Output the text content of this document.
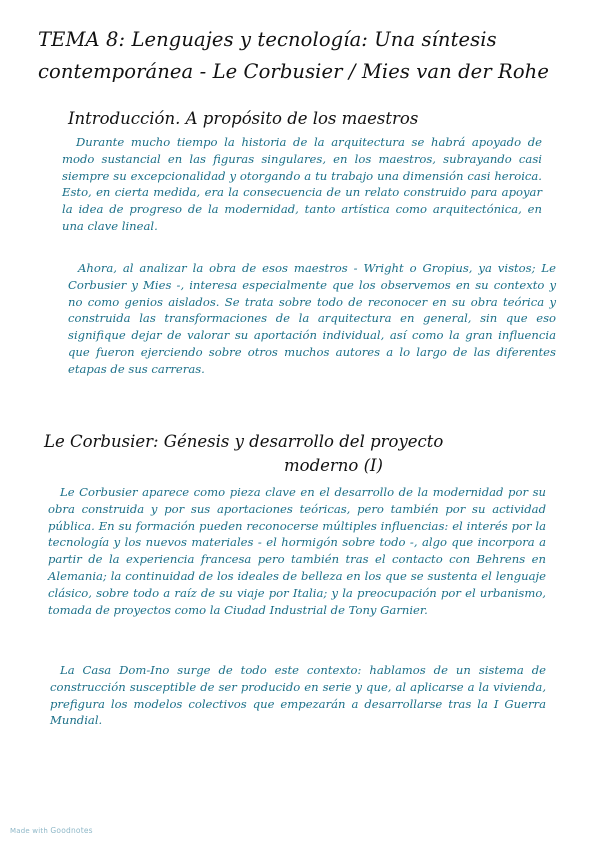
TEMA 8: Lenguajes y tecnología: Una síntesis contemporánea - Le Corbusier / Mies van der Rohe
Introducción. A propósito de los maestros

Durante mucho tiempo la historia de la arquitectura se habrá apoyado de modo sustancial en las figuras singulares, en los maestros, subrayando casi siempre su excepcionalidad y otorgando a tu trabajo una dimensión casi heroica. Esto, en cierta medida, era la consecuencia de un relato construido para apoyar la idea de progreso de la modernidad, tanto artística como arquitectónica, en una clave lineal.

Ahora, al analizar la obra de esos maestros - Wright o Gropius, ya vistos; Le Corbusier y Mies -, interesa especialmente que los observemos en su contexto y no como genios aislados. Se trata sobre todo de reconocer en su obra teórica y construida las transformaciones de la arquitectura en general, sin que eso signifique dejar de valorar su aportación individual, así como la gran influencia que fueron ejerciendo sobre otros muchos autores a lo largo de las diferentes etapas de sus carreras.

Le Corbusier: Génesis y desarrollo del proyecto
moderno (I)

Le Corbusier aparece como pieza clave en el desarrollo de la modernidad por su obra construida y por sus aportaciones teóricas, pero también por su actividad pública. En su formación pueden reconocerse múltiples influencias: el interés por la tecnología y los nuevos materiales - el hormigón sobre todo -, algo que incorpora a partir de la experiencia francesa pero también tras el contacto con Behrens en Alemania; la continuidad de los ideales de belleza en los que se sustenta el lenguaje clásico, sobre todo a raíz de su viaje por Italia; y la preocupación por el urbanismo, tomada de proyectos como la Ciudad Industrial de Tony Garnier.

La Casa Dom-Ino surge de todo este contexto: hablamos de un sistema de construcción susceptible de ser producido en serie y que, al aplicarse a la vivienda, prefigura los modelos colectivos que empezarán a desarrollarse tras la I Guerra Mundial.

Made with Goodnotes
